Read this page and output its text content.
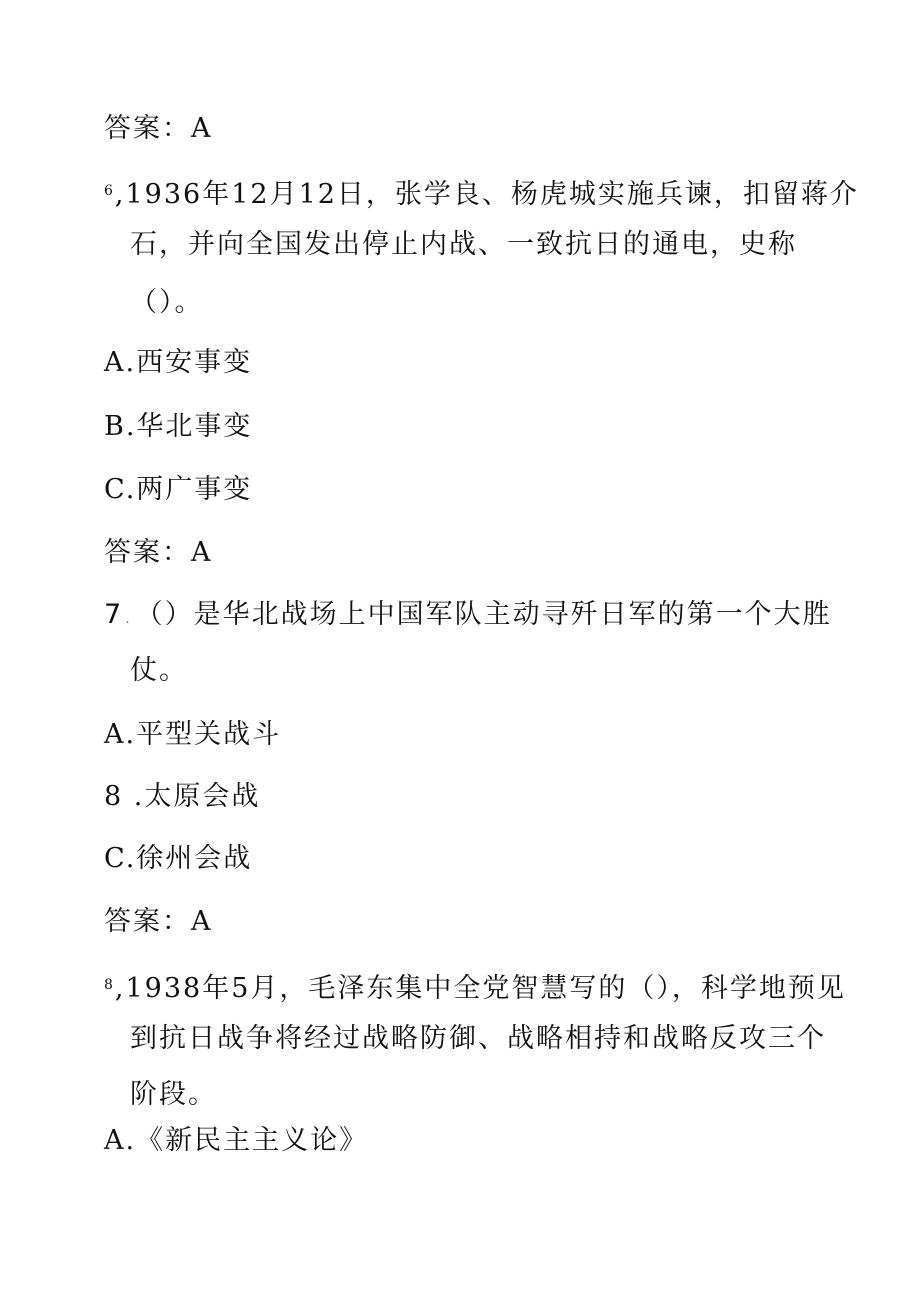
答案：A
$^6$,1936年12月12日，张学良、杨虎城实施兵谏，扣留蒋介
石，并向全国发出停止内战、一致抗日的通电，史称
（）。
A.西安事变
B.华北事变
C.两广事变
答案：A
7 . （）是华北战场上中国军队主动寻歼日军的第一个大胜
仗。
A.平型关战斗
8 .太原会战
C.徐州会战
答案：A
$^8$,1938年5月，毛泽东集中全党智慧写的（），科学地预见
到抗日战争将经过战略防御、战略相持和战略反攻三个
阶段。
A.《新民主主义论》
